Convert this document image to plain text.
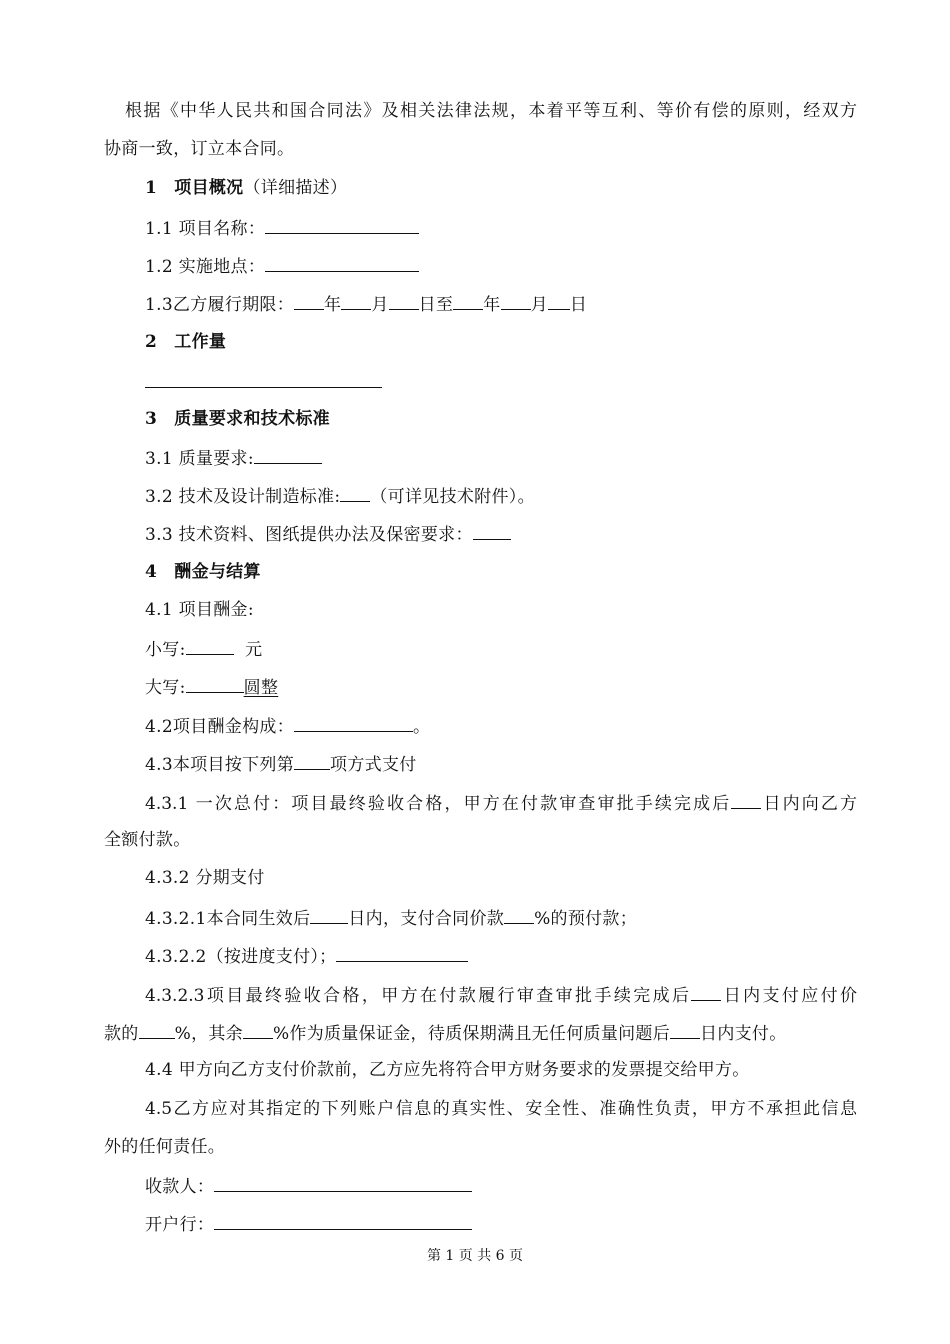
根据《中华人民共和国合同法》及相关法律法规，本着平等互利、等价有偿的原则，经双方
协商一致，订立本合同。
1 项目概况（详细描述）
1.1 项目名称：
1.2 实施地点：
1.3乙方履行期限： 年 月 日至 年 月 日
2 工作量
3 质量要求和技术标准
3.1 质量要求:
3.2 技术及设计制造标准: （可详见技术附件）。
3.3 技术资料、图纸提供办法及保密要求：
4 酬金与结算
4.1 项目酬金:
小写:	元
大写:	圆整
4.2项目酬金构成：	。
4.3本项目按下列第 项方式支付
4.3.1 一次总付：项目最终验收合格，甲方在付款审查审批手续完成后 日内向乙方
全额付款。
4.3.2 分期支付
4.3.2.1本合同生效后 日内，支付合同价款 %的预付款；
4.3.2.2（按进度支付）；
4.3.2.3项目最终验收合格，甲方在付款履行审查审批手续完成后 日内支付应付价
款的 %，其余 %作为质量保证金，待质保期满且无任何质量问题后 日内支付。
4.4 甲方向乙方支付价款前，乙方应先将符合甲方财务要求的发票提交给甲方。
4.5乙方应对其指定的下列账户信息的真实性、安全性、准确性负责，甲方不承担此信息
外的任何责任。
收款人：
开户行：
第 1 页 共 6 页
